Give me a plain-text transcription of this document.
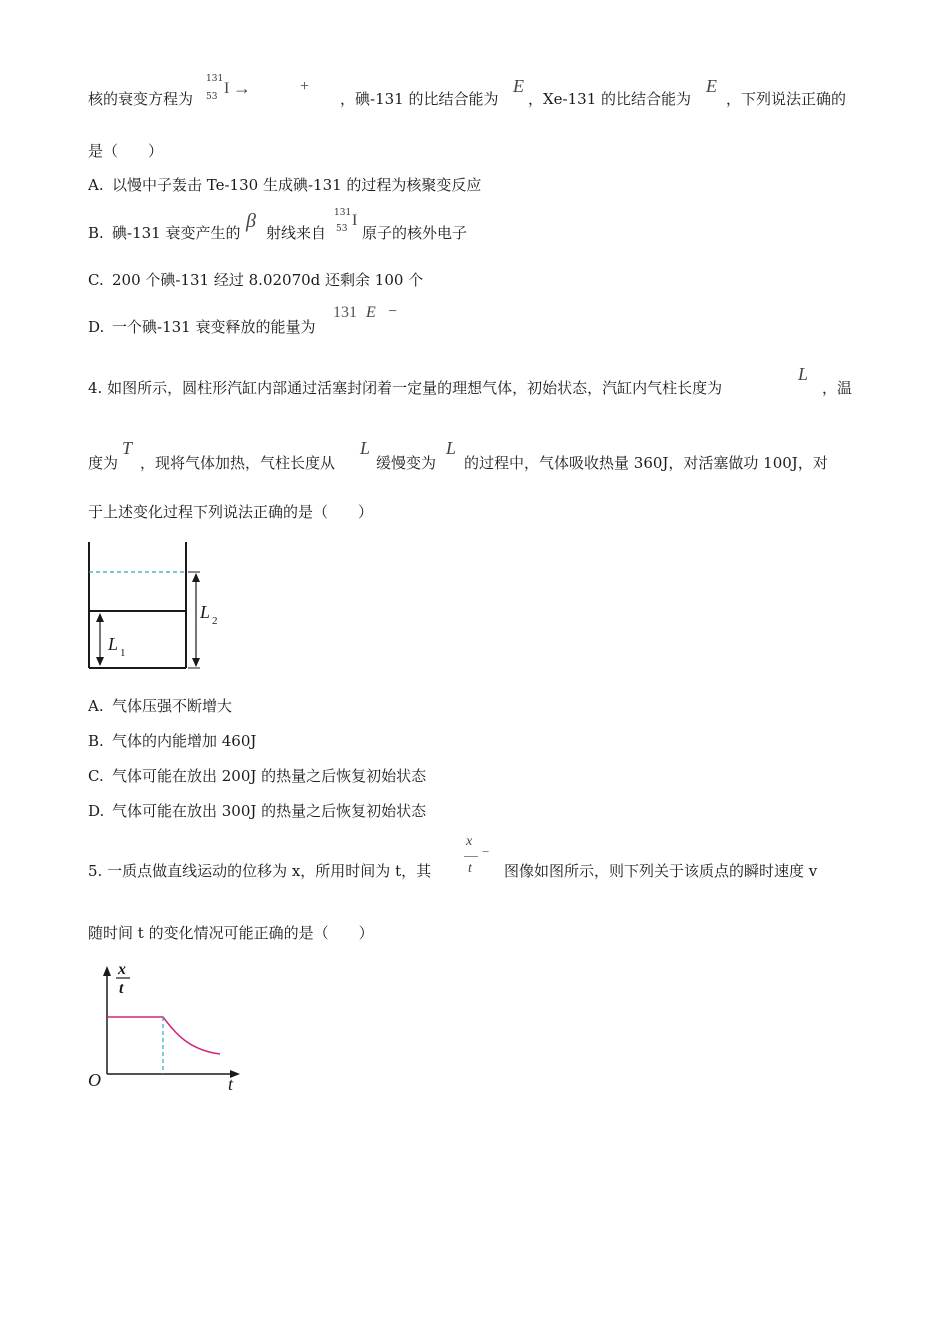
核的衰变方程为
131
53 I →	+
，碘-131 的比结合能为
E
，Xe-131 的比结合能为
E
，下列说法正确的
是（　　）
A. 以慢中子轰击 Te-130 生成碘-131 的过程为核聚变反应
B. 碘-131 衰变产生的
β
射线来自
131
53 I
原子的核外电子
C. 200 个碘-131 经过 8.02070d 还剩余 100 个
D. 一个碘-131 衰变释放的能量为
131 E −
4. 如图所示，圆柱形汽缸内部通过活塞封闭着一定量的理想气体，初始状态，汽缸内气柱长度为
L
，温
度为
T
，现将气体加热，气柱长度从
L
缓慢变为
L
的过程中，气体吸收热量 360J，对活塞做功 100J，对
于上述变化过程下列说法正确的是（　　）
L 2
L 1
A. 气体压强不断增大
B. 气体的内能增加 460J
C. 气体可能在放出 200J 的热量之后恢复初始状态
D. 气体可能在放出 300J 的热量之后恢复初始状态
5. 一质点做直线运动的位移为 x，所用时间为 t，其
x
t
−
图像如图所示，则下列关于该质点的瞬时速度 v
随时间 t 的变化情况可能正确的是（　　）
x
t
O	t
